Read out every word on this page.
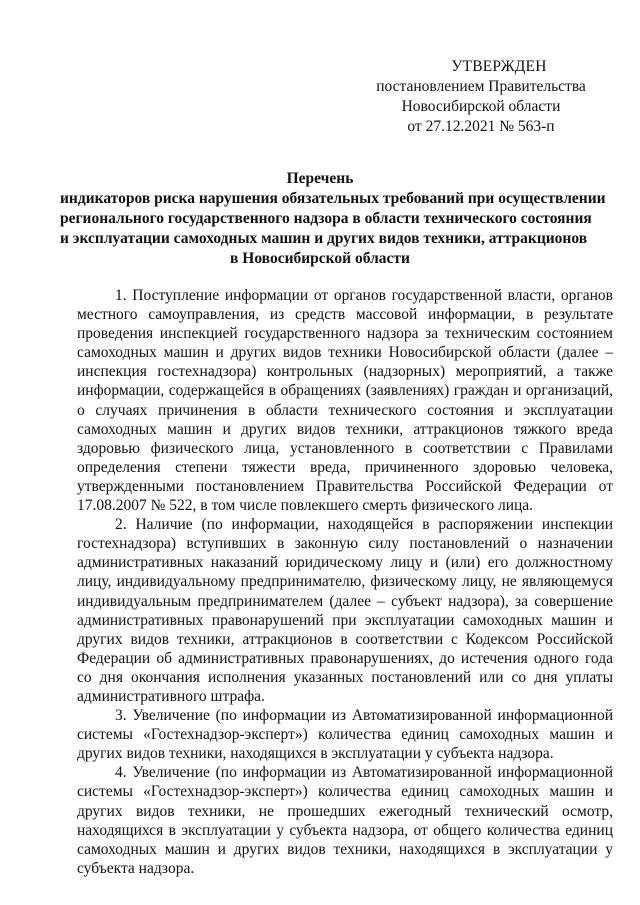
УТВЕРЖДЕН
постановлением Правительства
Новосибирской области
от 27.12.2021 № 563-п
Перечень
индикаторов риска нарушения обязательных требований при осуществлении
регионального государственного надзора в области технического состояния
и эксплуатации самоходных машин и других видов техники, аттракционов
в Новосибирской области

1. Поступление информации от органов государственной власти, органов местного самоуправления, из средств массовой информации, в результате проведения инспекцией государственного надзора за техническим состоянием самоходных машин и других видов техники Новосибирской области (далее – инспекция гостехнадзора) контрольных (надзорных) мероприятий, а также информации, содержащейся в обращениях (заявлениях) граждан и организаций, о случаях причинения в области технического состояния и эксплуатации самоходных машин и других видов техники, аттракционов тяжкого вреда здоровью физического лица, установленного в соответствии с Правилами определения степени тяжести вреда, причиненного здоровью человека, утвержденными постановлением Правительства Российской Федерации от 17.08.2007 № 522, в том числе повлекшего смерть физического лица.

2. Наличие (по информации, находящейся в распоряжении инспекции гостехнадзора) вступивших в законную силу постановлений о назначении административных наказаний юридическому лицу и (или) его должностному лицу, индивидуальному предпринимателю, физическому лицу, не являющемуся индивидуальным предпринимателем (далее – субъект надзора), за совершение административных правонарушений при эксплуатации самоходных машин и других видов техники, аттракционов в соответствии с Кодексом Российской Федерации об административных правонарушениях, до истечения одного года со дня окончания исполнения указанных постановлений или со дня уплаты административного штрафа.

3. Увеличение (по информации из Автоматизированной информационной системы «Гостехнадзор-эксперт») количества единиц самоходных машин и других видов техники, находящихся в эксплуатации у субъекта надзора.

4. Увеличение (по информации из Автоматизированной информационной системы «Гостехнадзор-эксперт») количества единиц самоходных машин и других видов техники, не прошедших ежегодный технический осмотр, находящихся в эксплуатации у субъекта надзора, от общего количества единиц самоходных машин и других видов техники, находящихся в эксплуатации у субъекта надзора.
